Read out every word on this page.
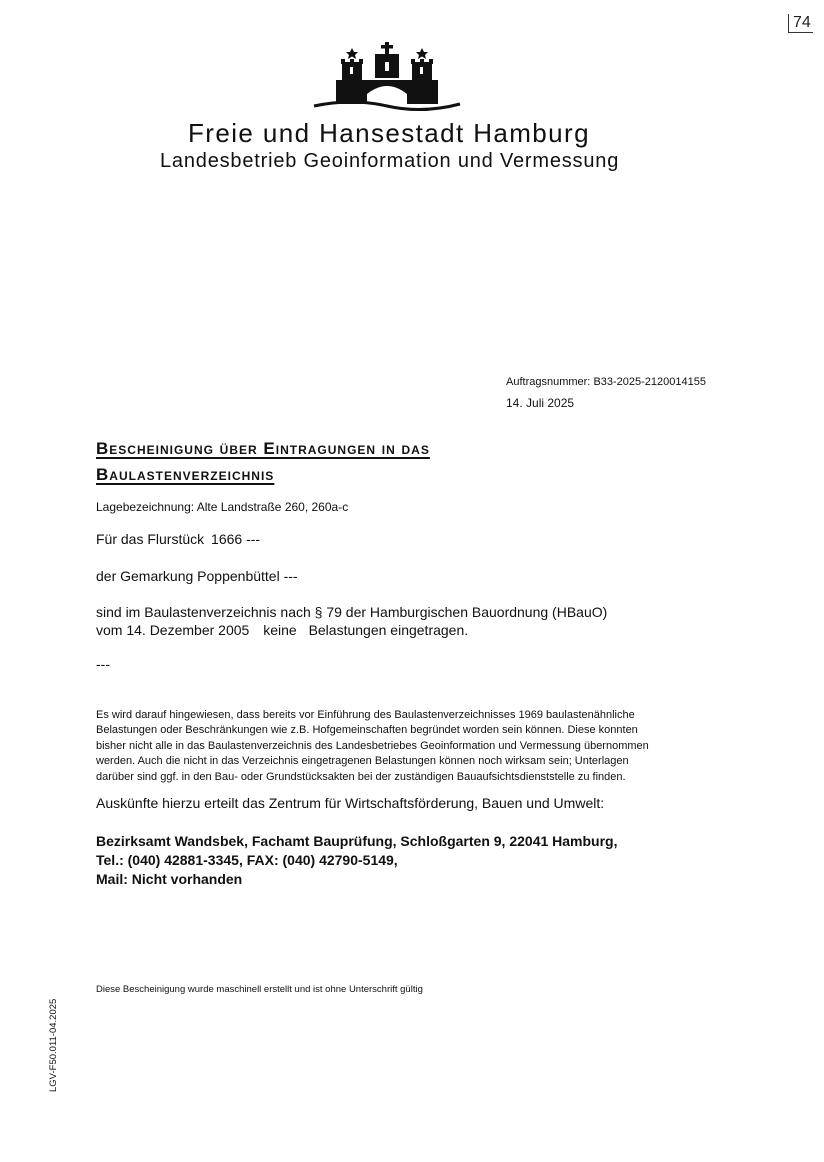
74
Freie und Hansestadt Hamburg
Landesbetrieb Geoinformation und Vermessung
Auftragsnummer: B33-2025-2120014155
14. Juli 2025
Bescheinigung über Eintragungen in das
Baulastenverzeichnis
Lagebezeichnung: Alte Landstraße 260, 260a-c
Für das Flurstück 1666 ---
der Gemarkung Poppenbüttel ---
sind im Baulastenverzeichnis nach § 79 der Hamburgischen Bauordnung (HBauO)
vom 14. Dezember 2005 keine Belastungen eingetragen.
---
Es wird darauf hingewiesen, dass bereits vor Einführung des Baulastenverzeichnisses 1969 baulastenähnliche
Belastungen oder Beschränkungen wie z.B. Hofgemeinschaften begründet worden sein können. Diese konnten
bisher nicht alle in das Baulastenverzeichnis des Landesbetriebes Geoinformation und Vermessung übernommen
werden. Auch die nicht in das Verzeichnis eingetragenen Belastungen können noch wirksam sein; Unterlagen
darüber sind ggf. in den Bau- oder Grundstücksakten bei der zuständigen Bauaufsichtsdienststelle zu finden.
Auskünfte hierzu erteilt das Zentrum für Wirtschaftsförderung, Bauen und Umwelt:
Bezirksamt Wandsbek, Fachamt Bauprüfung, Schloßgarten 9, 22041 Hamburg,
Tel.: (040) 42881-3345, FAX: (040) 42790-5149,
Mail: Nicht vorhanden
Diese Bescheinigung wurde maschinell erstellt und ist ohne Unterschrift gültig
LGV-F50.011-04.2025
